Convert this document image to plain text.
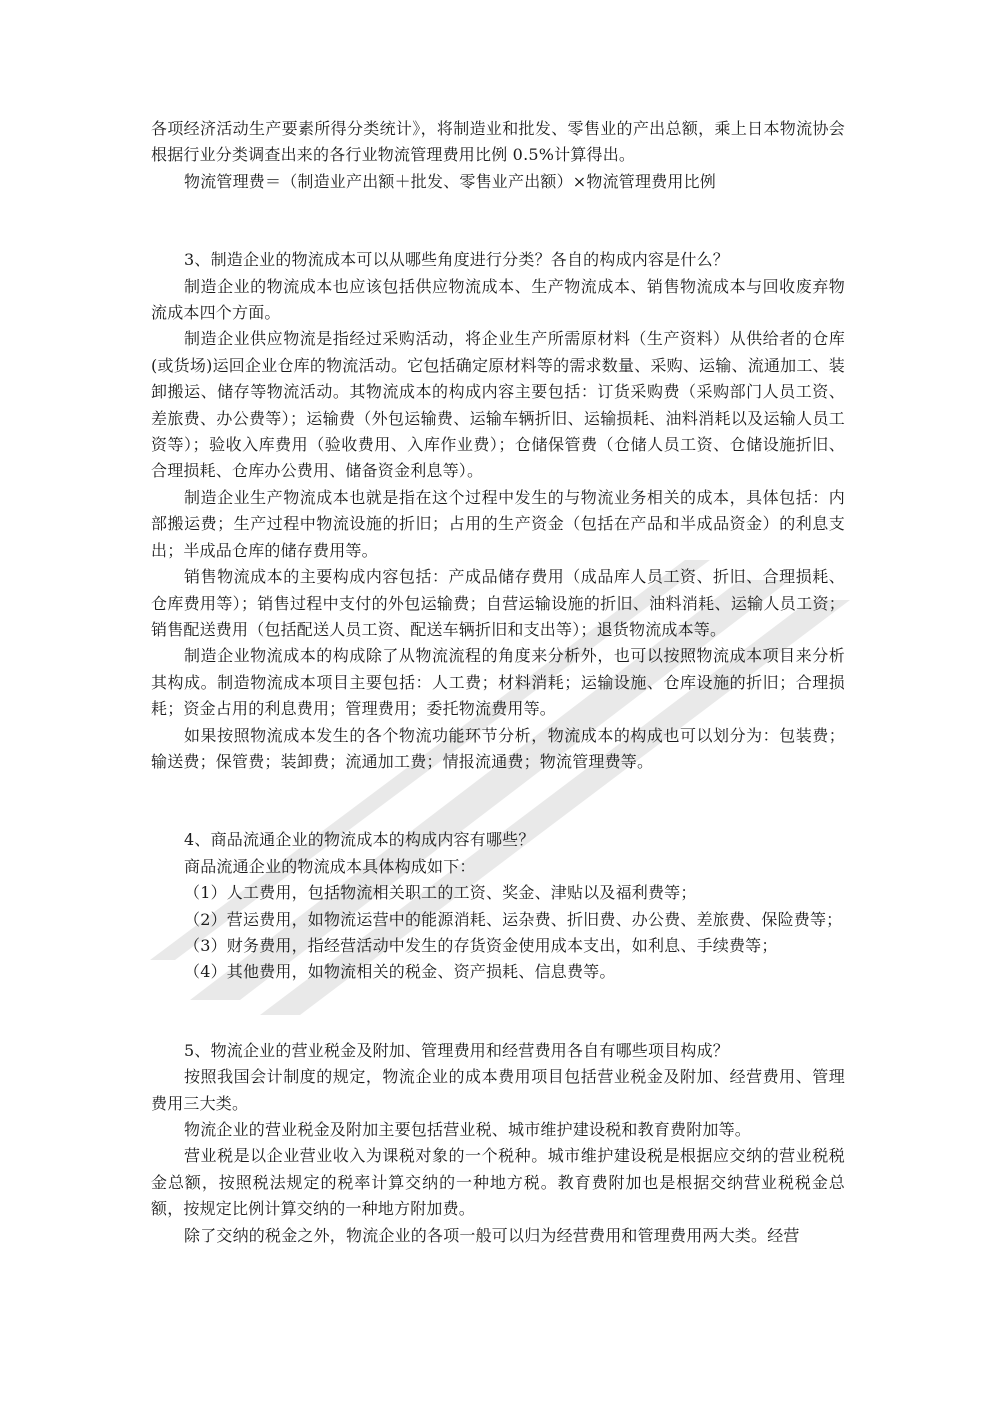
各项经济活动生产要素所得分类统计》，将制造业和批发、零售业的产出总额，乘上日本物流协会根据行业分类调查出来的各行业物流管理费用比例 0.5%计算得出。

物流管理费＝（制造业产出额＋批发、零售业产出额）×物流管理费用比例

3、制造企业的物流成本可以从哪些角度进行分类？各自的构成内容是什么？

制造企业的物流成本也应该包括供应物流成本、生产物流成本、销售物流成本与回收废弃物流成本四个方面。

制造企业供应物流是指经过采购活动，将企业生产所需原材料（生产资料）从供给者的仓库(或货场)运回企业仓库的物流活动。它包括确定原材料等的需求数量、采购、运输、流通加工、装卸搬运、储存等物流活动。其物流成本的构成内容主要包括：订货采购费（采购部门人员工资、差旅费、办公费等）；运输费（外包运输费、运输车辆折旧、运输损耗、油料消耗以及运输人员工资等）；验收入库费用（验收费用、入库作业费）；仓储保管费（仓储人员工资、仓储设施折旧、合理损耗、仓库办公费用、储备资金利息等）。

制造企业生产物流成本也就是指在这个过程中发生的与物流业务相关的成本，具体包括：内部搬运费；生产过程中物流设施的折旧；占用的生产资金（包括在产品和半成品资金）的利息支出；半成品仓库的储存费用等。

销售物流成本的主要构成内容包括：产成品储存费用（成品库人员工资、折旧、合理损耗、仓库费用等）；销售过程中支付的外包运输费；自营运输设施的折旧、油料消耗、运输人员工资；销售配送费用（包括配送人员工资、配送车辆折旧和支出等）；退货物流成本等。

制造企业物流成本的构成除了从物流流程的角度来分析外，也可以按照物流成本项目来分析其构成。制造物流成本项目主要包括：人工费；材料消耗；运输设施、仓库设施的折旧；合理损耗；资金占用的利息费用；管理费用；委托物流费用等。

如果按照物流成本发生的各个物流功能环节分析，物流成本的构成也可以划分为：包装费；输送费；保管费；装卸费；流通加工费；情报流通费；物流管理费等。

4、商品流通企业的物流成本的构成内容有哪些？

商品流通企业的物流成本具体构成如下：

（1）人工费用，包括物流相关职工的工资、奖金、津贴以及福利费等；

（2）营运费用，如物流运营中的能源消耗、运杂费、折旧费、办公费、差旅费、保险费等；

（3）财务费用，指经营活动中发生的存货资金使用成本支出，如利息、手续费等；

（4）其他费用，如物流相关的税金、资产损耗、信息费等。

5、物流企业的营业税金及附加、管理费用和经营费用各自有哪些项目构成？

按照我国会计制度的规定，物流企业的成本费用项目包括营业税金及附加、经营费用、管理费用三大类。

物流企业的营业税金及附加主要包括营业税、城市维护建设税和教育费附加等。

营业税是以企业营业收入为课税对象的一个税种。城市维护建设税是根据应交纳的营业税税金总额，按照税法规定的税率计算交纳的一种地方税。教育费附加也是根据交纳营业税税金总额，按规定比例计算交纳的一种地方附加费。

除了交纳的税金之外，物流企业的各项一般可以归为经营费用和管理费用两大类。经营
